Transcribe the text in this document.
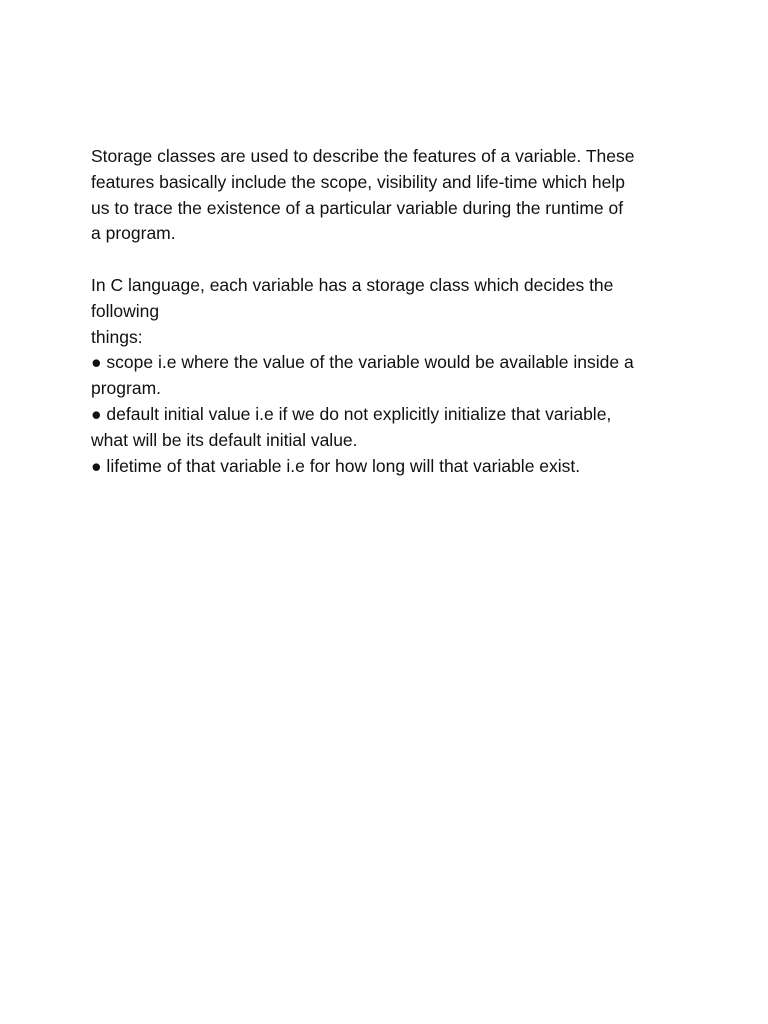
Storage classes are used to describe the features of a variable. These
features basically include the scope, visibility and life-time which help
us to trace the existence of a particular variable during the runtime of
a program.

In C language, each variable has a storage class which decides the
following
things:
● scope i.e where the value of the variable would be available inside a
program.
● default initial value i.e if we do not explicitly initialize that variable,
what will be its default initial value.
● lifetime of that variable i.e for how long will that variable exist.
